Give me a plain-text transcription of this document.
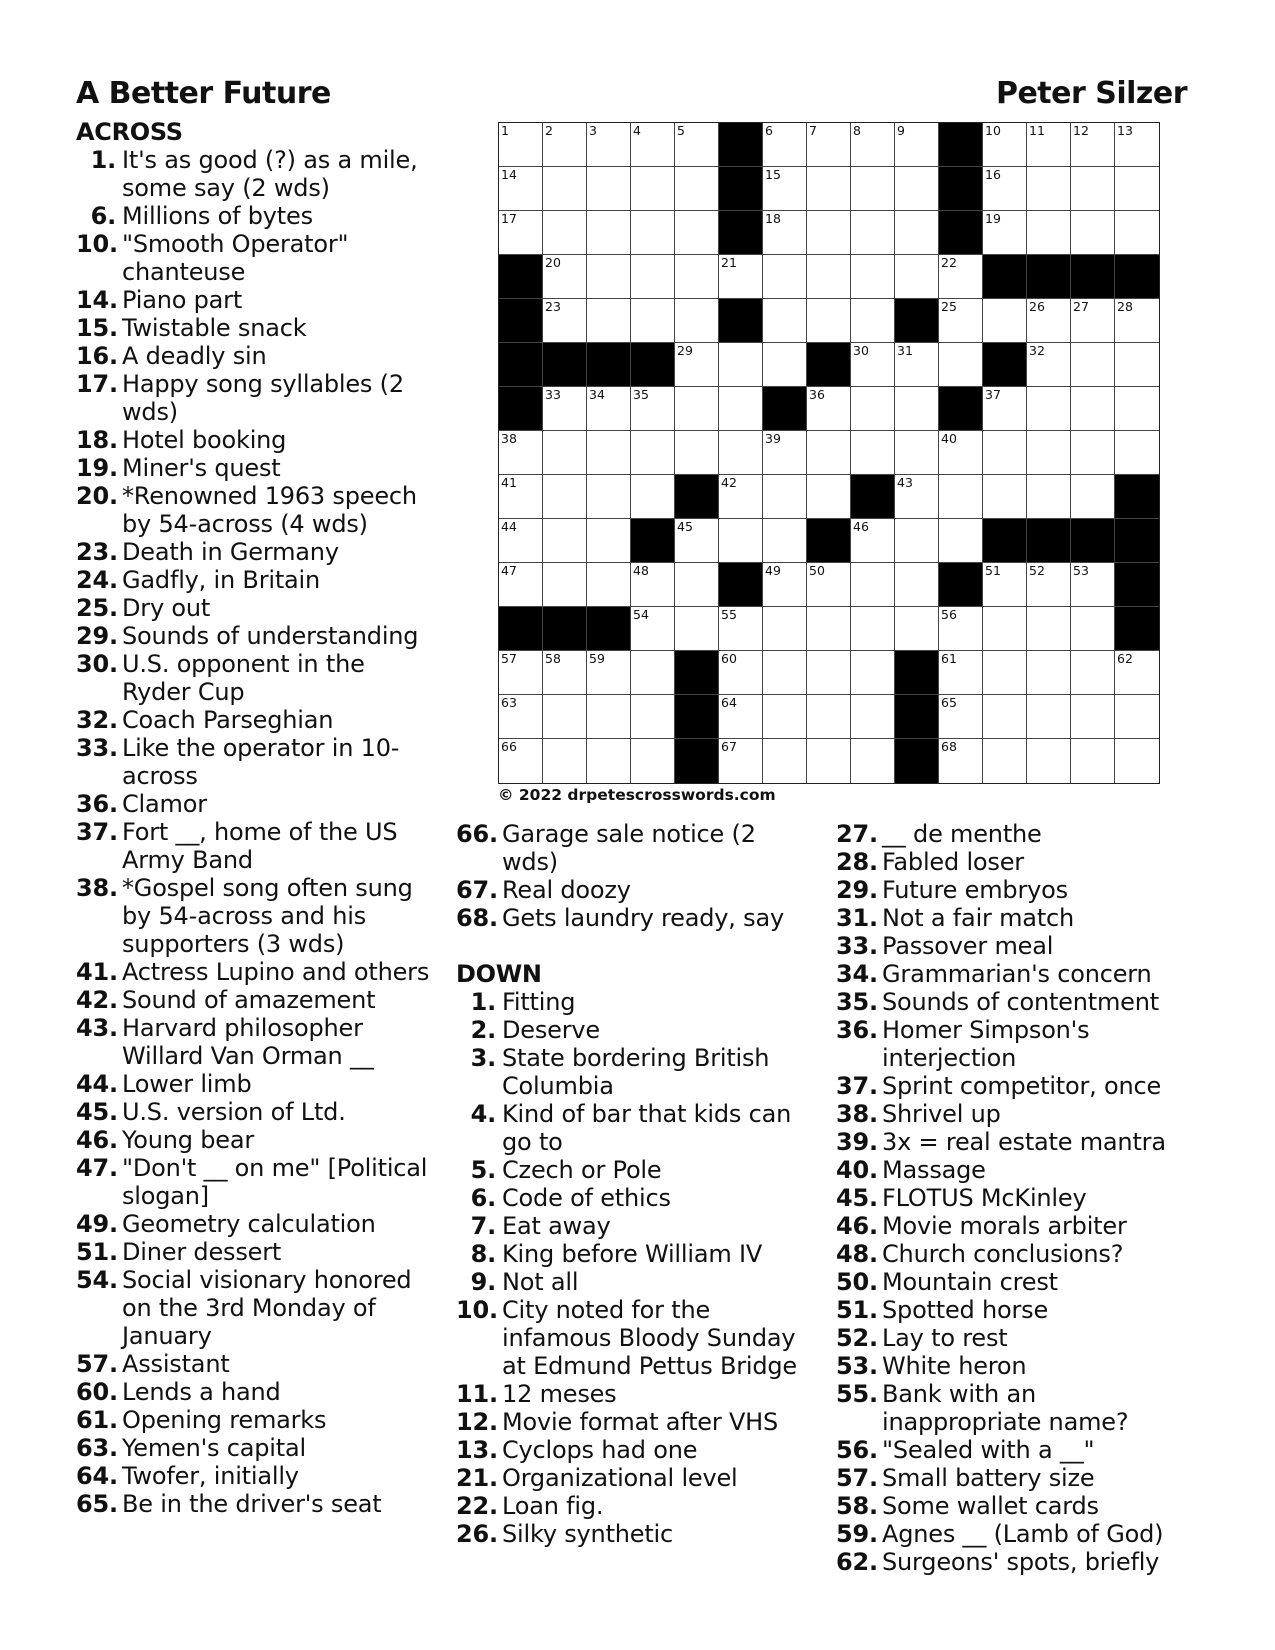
A Better Future	Peter Silzer
ACROSS
1. It's as good (?) as a mile, some say (2 wds)
6. Millions of bytes
10. "Smooth Operator" chanteuse
14. Piano part
15. Twistable snack
16. A deadly sin
17. Happy song syllables (2 wds)
18. Hotel booking
19. Miner's quest
20. *Renowned 1963 speech by 54-across (4 wds)
23. Death in Germany
24. Gadfly, in Britain
25. Dry out
29. Sounds of understanding
30. U.S. opponent in the Ryder Cup
32. Coach Parseghian
33. Like the operator in 10-across
36. Clamor
37. Fort __, home of the US Army Band
38. *Gospel song often sung by 54-across and his supporters (3 wds)
41. Actress Lupino and others
42. Sound of amazement
43. Harvard philosopher Willard Van Orman __
44. Lower limb
45. U.S. version of Ltd.
46. Young bear
47. "Don't __ on me" [Political slogan]
49. Geometry calculation
51. Diner dessert
54. Social visionary honored on the 3rd Monday of January
57. Assistant
60. Lends a hand
61. Opening remarks
63. Yemen's capital
64. Twofer, initially
65. Be in the driver's seat
66. Garage sale notice (2 wds)
67. Real doozy
68. Gets laundry ready, say
DOWN
1. Fitting
2. Deserve
3. State bordering British Columbia
4. Kind of bar that kids can go to
5. Czech or Pole
6. Code of ethics
7. Eat away
8. King before William IV
9. Not all
10. City noted for the infamous Bloody Sunday at Edmund Pettus Bridge
11. 12 meses
12. Movie format after VHS
13. Cyclops had one
21. Organizational level
22. Loan fig.
26. Silky synthetic
27. __ de menthe
28. Fabled loser
29. Future embryos
31. Not a fair match
33. Passover meal
34. Grammarian's concern
35. Sounds of contentment
36. Homer Simpson's interjection
37. Sprint competitor, once
38. Shrivel up
39. 3x = real estate mantra
40. Massage
45. FLOTUS McKinley
46. Movie morals arbiter
48. Church conclusions?
50. Mountain crest
51. Spotted horse
52. Lay to rest
53. White heron
55. Bank with an inappropriate name?
56. "Sealed with a __"
57. Small battery size
58. Some wallet cards
59. Agnes __ (Lamb of God)
62. Surgeons' spots, briefly
1	2	3	4	5	6	7	8	9	10 11 12 13
14	15	16
17	18	19
20	21	22
23	25	26 27 28
29	30 31	32
33 34 35	36	37
38	39	40
41	42	43
44	45	46
47	48	49 50	51 52 53
54	55	56
57 58 59	60	61	62
63	64	65
66	67	68
© 2022 drpetescrosswords.com
